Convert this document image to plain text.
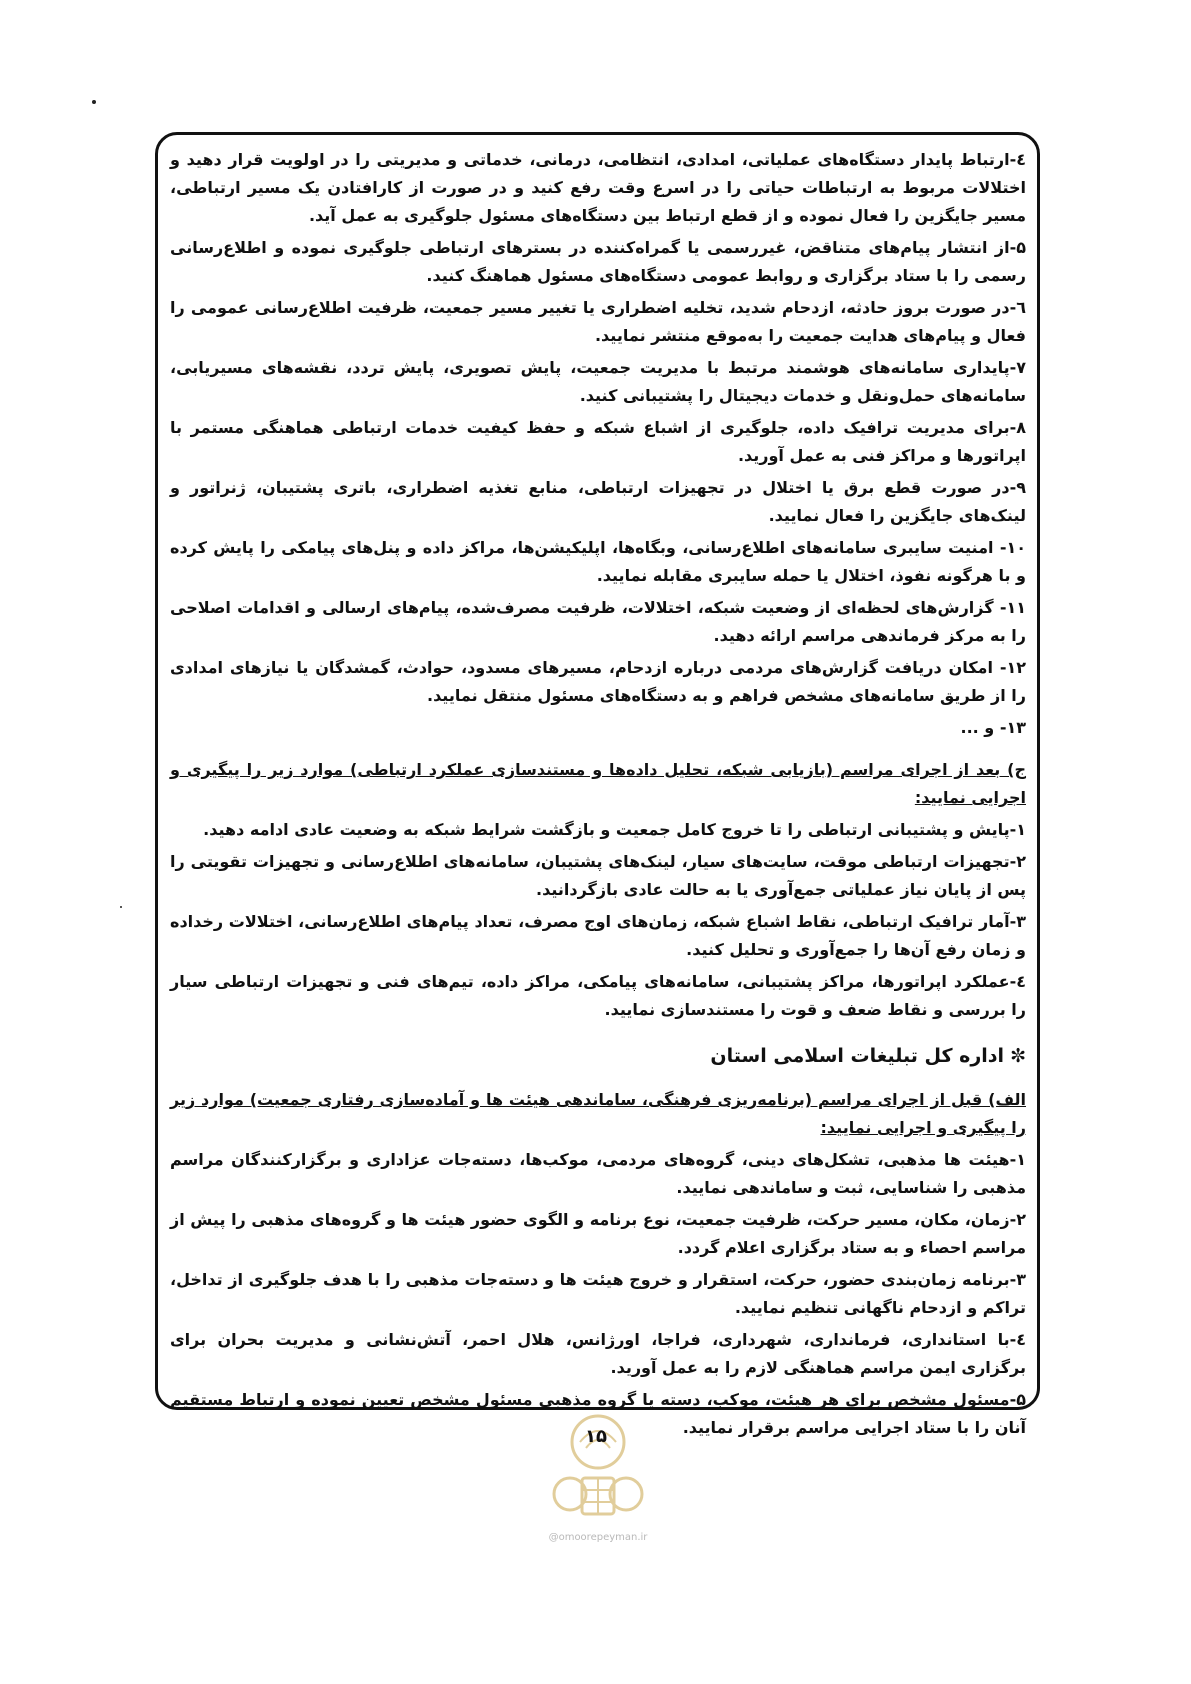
٤-ارتباط پایدار دستگاه‌های عملیاتی، امدادی، انتظامی، درمانی، خدماتی و مدیریتی را در اولویت قرار دهید و اختلالات مربوط به ارتباطات حیاتی را در اسرع وقت رفع کنید و در صورت از کارافتادن یک مسیر ارتباطی، مسیر جایگزین را فعال نموده و از قطع ارتباط بین دستگاه‌های مسئول جلوگیری به عمل آید.

۵-از انتشار پیام‌های متناقض، غیررسمی یا گمراه‌کننده در بسترهای ارتباطی جلوگیری نموده و اطلاع‌رسانی رسمی را با ستاد برگزاری و روابط عمومی دستگاه‌های مسئول هماهنگ کنید.

٦-در صورت بروز حادثه، ازدحام شدید، تخلیه اضطراری یا تغییر مسیر جمعیت، ظرفیت اطلاع‌رسانی عمومی را فعال و پیام‌های هدایت جمعیت را به‌موقع منتشر نمایید.

۷-پایداری سامانه‌های هوشمند مرتبط با مدیریت جمعیت، پایش تصویری، پایش تردد، نقشه‌های مسیریابی، سامانه‌های حمل‌ونقل و خدمات دیجیتال را پشتیبانی کنید.

۸-برای مدیریت ترافیک داده، جلوگیری از اشباع شبکه و حفظ کیفیت خدمات ارتباطی هماهنگی مستمر با اپراتورها و مراکز فنی به عمل آورید.

۹-در صورت قطع برق یا اختلال در تجهیزات ارتباطی، منابع تغذیه اضطراری، باتری پشتیبان، ژنراتور و لینک‌های جایگزین را فعال نمایید.

۱۰- امنیت سایبری سامانه‌های اطلاع‌رسانی، وبگاه‌ها، اپلیکیشن‌ها، مراکز داده و پنل‌های پیامکی را پایش کرده و با هرگونه نفوذ، اختلال یا حمله سایبری مقابله نمایید.

۱۱- گزارش‌های لحظه‌ای از وضعیت شبکه، اختلالات، ظرفیت مصرف‌شده، پیام‌های ارسالی و اقدامات اصلاحی را به مرکز فرماندهی مراسم ارائه دهید.

۱۲- امکان دریافت گزارش‌های مردمی درباره ازدحام، مسیرهای مسدود، حوادث، گمشدگان یا نیازهای امدادی را از طریق سامانه‌های مشخص فراهم و به دستگاه‌های مسئول منتقل نمایید.

۱۳- و ...

ج) بعد از اجرای مراسم (بازیابی شبکه، تحلیل داده‌ها و مستندسازی عملکرد ارتباطی) موارد زیر را پیگیری و اجرایی نمایید:

۱-پایش و پشتیبانی ارتباطی را تا خروج کامل جمعیت و بازگشت شرایط شبکه به وضعیت عادی ادامه دهید.

۲-تجهیزات ارتباطی موقت، سایت‌های سیار، لینک‌های پشتیبان، سامانه‌های اطلاع‌رسانی و تجهیزات تقویتی را پس از پایان نیاز عملیاتی جمع‌آوری یا به حالت عادی بازگردانید.

۳-آمار ترافیک ارتباطی، نقاط اشباع شبکه، زمان‌های اوج مصرف، تعداد پیام‌های اطلاع‌رسانی، اختلالات رخداده و زمان رفع آن‌ها را جمع‌آوری و تحلیل کنید.

٤-عملکرد اپراتورها، مراکز پشتیبانی، سامانه‌های پیامکی، مراکز داده، تیم‌های فنی و تجهیزات ارتباطی سیار را بررسی و نقاط ضعف و قوت را مستندسازی نمایید.

✼
اداره کل تبلیغات اسلامی استان

الف) قبل از اجرای مراسم (برنامه‌ریزی فرهنگی، ساماندهی هیئت ها و آماده‌سازی رفتاری جمعیت) موارد زیر را پیگیری و اجرایی نمایید:

۱-هیئت ها مذهبی، تشکل‌های دینی، گروه‌های مردمی، موکب‌ها، دسته‌جات عزاداری و برگزارکنندگان مراسم مذهبی را شناسایی، ثبت و ساماندهی نمایید.

۲-زمان، مکان، مسیر حرکت، ظرفیت جمعیت، نوع برنامه و الگوی حضور هیئت ها و گروه‌های مذهبی را پیش از مراسم احصاء و به ستاد برگزاری اعلام گردد.

۳-برنامه زمان‌بندی حضور، حرکت، استقرار و خروج هیئت ها و دسته‌جات مذهبی را با هدف جلوگیری از تداخل، تراکم و ازدحام ناگهانی تنظیم نمایید.

٤-با استانداری، فرمانداری، شهرداری، فراجا، اورژانس، هلال احمر، آتش‌نشانی و مدیریت بحران برای برگزاری ایمن مراسم هماهنگی لازم را به عمل آورید.

۵-مسئول مشخص برای هر هیئت، موکب، دسته یا گروه مذهبی مسئول مشخص تعیین نموده و ارتباط مستقیم آنان را با ستاد اجرایی مراسم برقرار نمایید.

۱۵
@omoorepeyman.ir
